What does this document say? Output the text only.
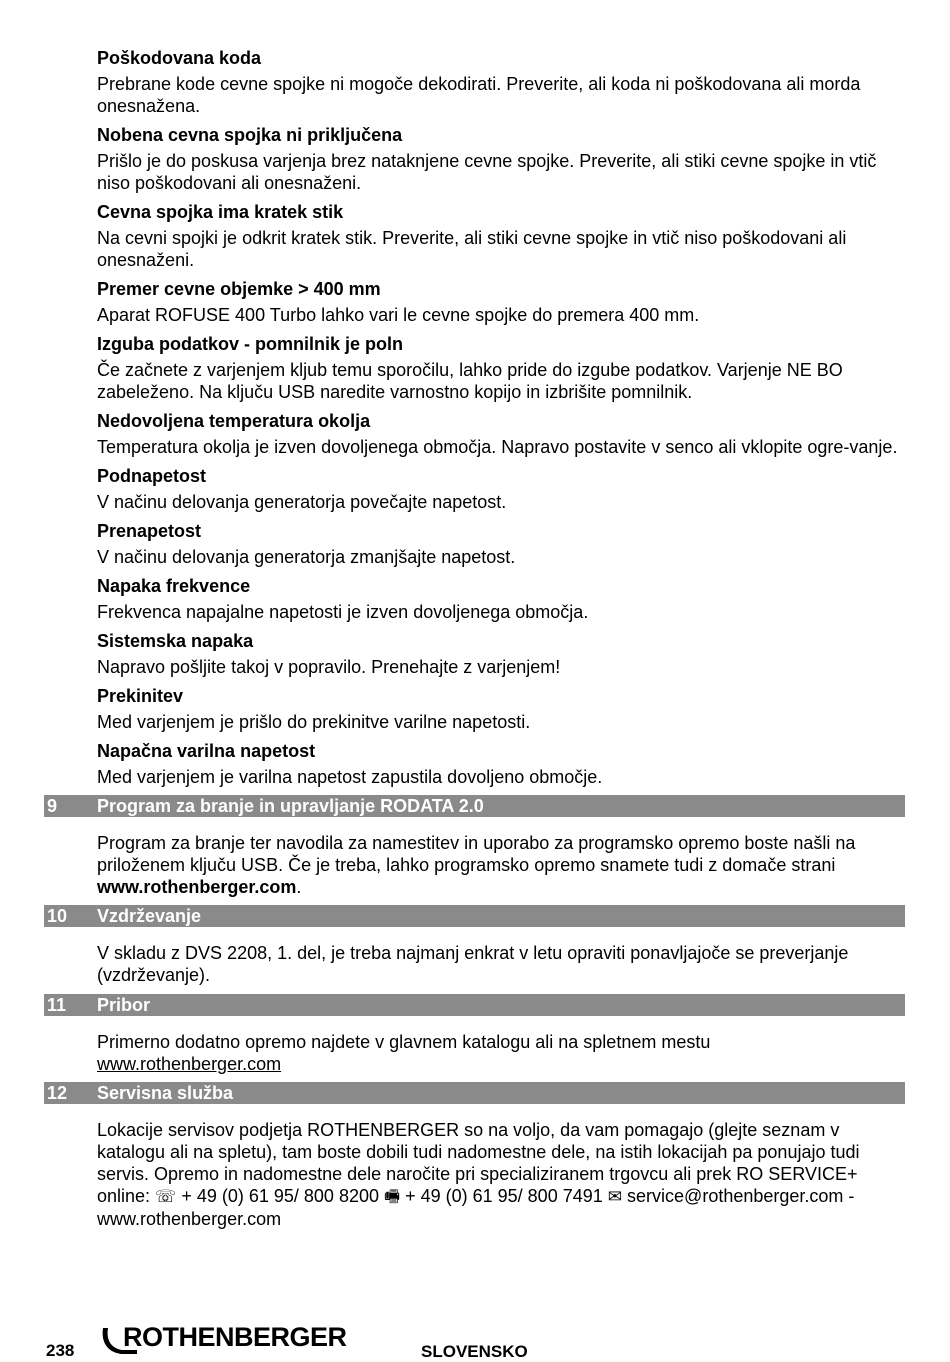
Poškodovana koda

Prebrane kode cevne spojke ni mogoče dekodirati. Preverite, ali koda ni poškodovana ali morda onesnažena.

Nobena cevna spojka ni priključena

Prišlo je do poskusa varjenja brez nataknjene cevne spojke. Preverite, ali stiki cevne spojke in vtič niso poškodovani ali onesnaženi.

Cevna spojka ima kratek stik

Na cevni spojki je odkrit kratek stik. Preverite, ali stiki cevne spojke in vtič niso poškodovani ali onesnaženi.

Premer cevne objemke > 400 mm

Aparat ROFUSE 400 Turbo lahko vari le cevne spojke do premera 400 mm.

Izguba podatkov - pomnilnik je poln

Če začnete z varjenjem kljub temu sporočilu, lahko pride do izgube podatkov. Varjenje NE BO zabeleženo. Na ključu USB naredite varnostno kopijo in izbrišite pomnilnik.

Nedovoljena temperatura okolja

Temperatura okolja je izven dovoljenega območja. Napravo postavite v senco ali vklopite ogre-vanje.

Podnapetost

V načinu delovanja generatorja povečajte napetost.

Prenapetost

V načinu delovanja generatorja zmanjšajte napetost.

Napaka frekvence

Frekvenca napajalne napetosti je izven dovoljenega območja.

Sistemska napaka

Napravo pošljite takoj v popravilo. Prenehajte z varjenjem!

Prekinitev

Med varjenjem je prišlo do prekinitve varilne napetosti.

Napačna varilna napetost

Med varjenjem je varilna napetost zapustila dovoljeno območje.

9 Program za branje in upravljanje RODATA 2.0

Program za branje ter navodila za namestitev in uporabo za programsko opremo boste našli na priloženem ključu USB. Če je treba, lahko programsko opremo snamete tudi z domače strani www.rothenberger.com.

10 Vzdrževanje

V skladu z DVS 2208, 1. del, je treba najmanj enkrat v letu opraviti ponavljajoče se preverjanje (vzdrževanje).

11 Pribor

Primerno dodatno opremo najdete v glavnem katalogu ali na spletnem mestu
www.rothenberger.com

12 Servisna služba

Lokacije servisov podjetja ROTHENBERGER so na voljo, da vam pomagajo (glejte seznam v katalogu ali na spletu), tam boste dobili tudi nadomestne dele, na istih lokacijah pa ponujajo tudi servis. Opremo in nadomestne dele naročite pri specializiranem trgovcu ali prek RO SERVICE+ online: ☏ + 49 (0) 61 95/ 800 8200 🖷 + 49 (0) 61 95/ 800 7491 ✉ service@rothenberger.com - www.rothenberger.com

238 ROTHENBERGER	SLOVENSKO
